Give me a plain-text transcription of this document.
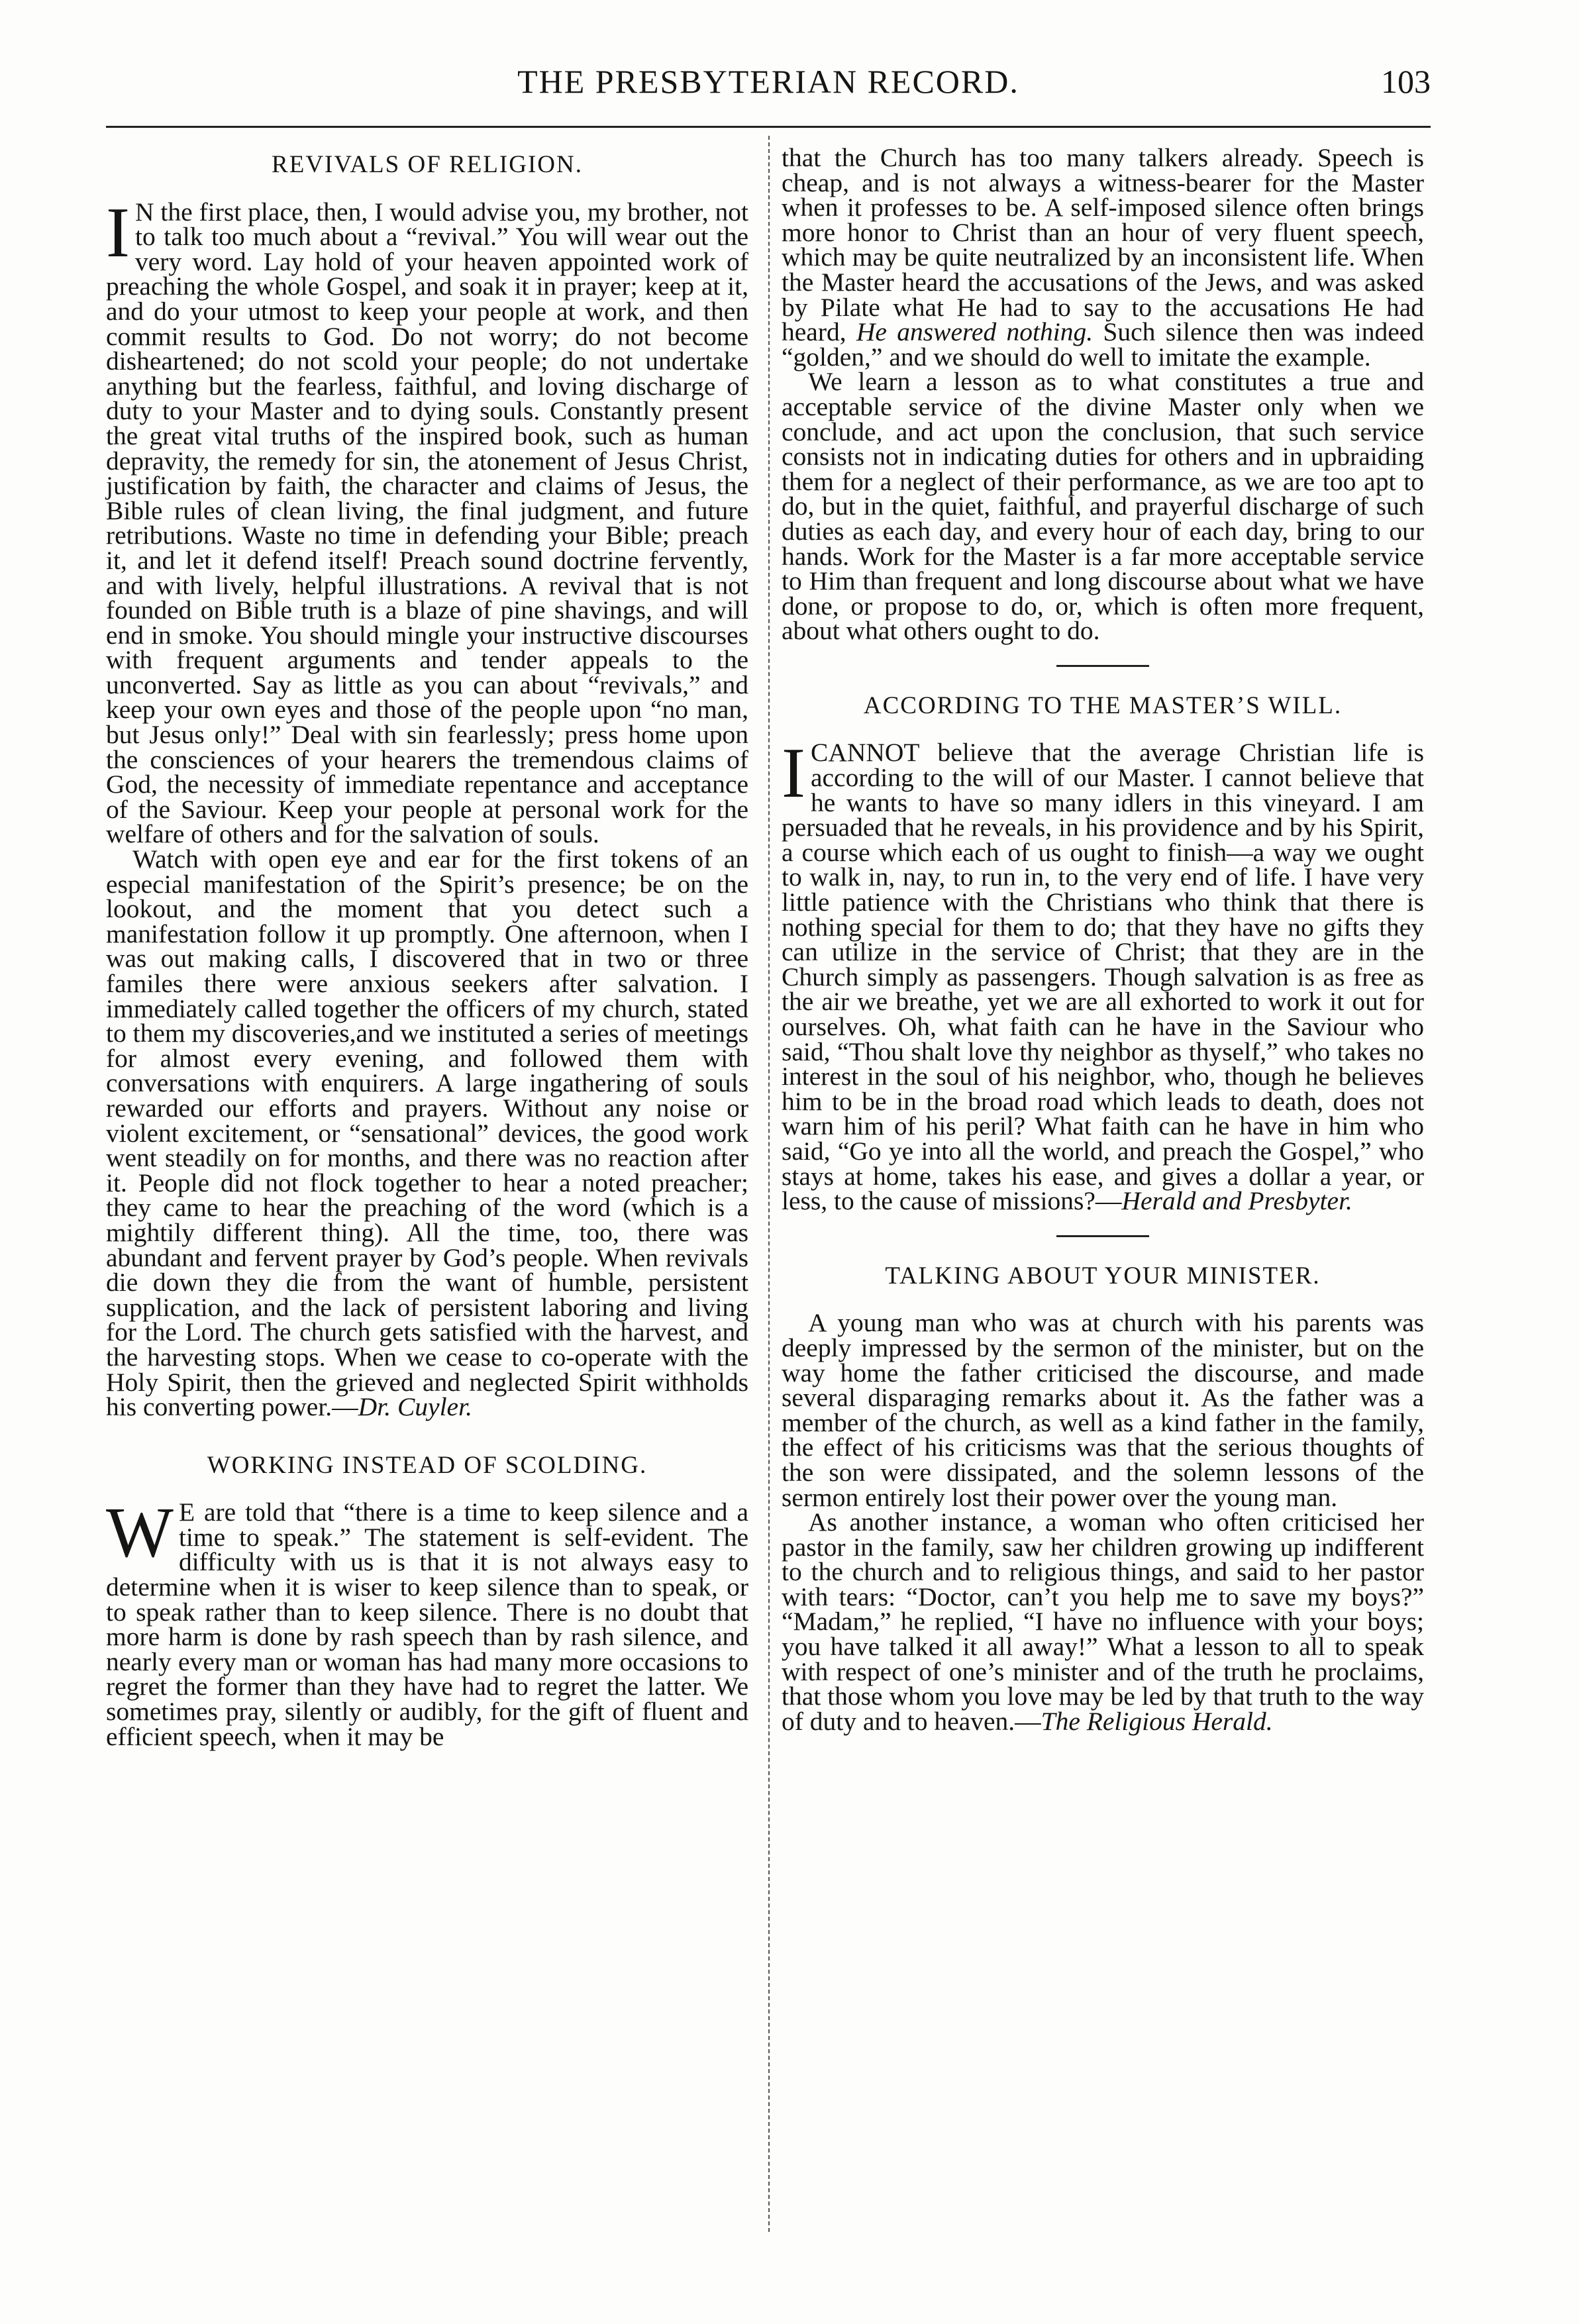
THE PRESBYTERIAN RECORD.	103
REVIVALS OF RELIGION.

I N the first place, then, I would advise you, my brother, not to talk too much about a “revival.” You will wear out the very word. Lay hold of your heaven appointed work of preaching the whole Gospel, and soak it in prayer; keep at it, and do your utmost to keep your people at work, and then commit results to God. Do not worry; do not become disheartened; do not scold your people; do not undertake anything but the fearless, faithful, and loving discharge of duty to your Master and to dying souls. Constantly present the great vital truths of the inspired book, such as human depravity, the remedy for sin, the atonement of Jesus Christ, justification by faith, the character and claims of Jesus, the Bible rules of clean living, the final judgment, and future retributions. Waste no time in defending your Bible; preach it, and let it defend itself! Preach sound doctrine fervently, and with lively, helpful illustrations. A revival that is not founded on Bible truth is a blaze of pine shavings, and will end in smoke. You should mingle your instructive discourses with frequent arguments and tender appeals to the unconverted. Say as little as you can about “revivals,” and keep your own eyes and those of the people upon “no man, but Jesus only!” Deal with sin fearlessly; press home upon the consciences of your hearers the tremendous claims of God, the necessity of immediate repentance and acceptance of the Saviour. Keep your people at personal work for the welfare of others and for the salvation of souls.

Watch with open eye and ear for the first tokens of an especial manifestation of the Spirit’s presence; be on the lookout, and the moment that you detect such a manifestation follow it up promptly. One afternoon, when I was out making calls, I discovered that in two or three familes there were anxious seekers after salvation. I immediately called together the officers of my church, stated to them my discoveries,and we instituted a series of meetings for almost every evening, and followed them with conversations with enquirers. A large ingathering of souls rewarded our efforts and prayers. Without any noise or violent excitement, or “sensational” devices, the good work went steadily on for months, and there was no reaction after it. People did not flock together to hear a noted preacher; they came to hear the preaching of the word (which is a mightily different thing). All the time, too, there was abundant and fervent prayer by God’s people. When revivals die down they die from the want of humble, persistent supplication, and the lack of persistent laboring and living for the Lord. The church gets satisfied with the harvest, and the harvesting stops. When we cease to co-operate with the Holy Spirit, then the grieved and neglected Spirit withholds his converting power.—Dr. Cuyler.

WORKING INSTEAD OF SCOLDING.

W E are told that “there is a time to keep silence and a time to speak.” The statement is self-evident. The difficulty with us is that it is not always easy to determine when it is wiser to keep silence than to speak, or to speak rather than to keep silence. There is no doubt that more harm is done by rash speech than by rash silence, and nearly every man or woman has had many more occasions to regret the former than they have had to regret the latter. We sometimes pray, silently or audibly, for the gift of fluent and efficient speech, when it may be

that the Church has too many talkers already. Speech is cheap, and is not always a witness-bearer for the Master when it professes to be. A self-imposed silence often brings more honor to Christ than an hour of very fluent speech, which may be quite neutralized by an inconsistent life. When the Master heard the accusations of the Jews, and was asked by Pilate what He had to say to the accusations He had heard, He answered nothing. Such silence then was indeed “golden,” and we should do well to imitate the example.

We learn a lesson as to what constitutes a true and acceptable service of the divine Master only when we conclude, and act upon the conclusion, that such service consists not in indicating duties for others and in upbraiding them for a neglect of their performance, as we are too apt to do, but in the quiet, faithful, and prayerful discharge of such duties as each day, and every hour of each day, bring to our hands. Work for the Master is a far more acceptable service to Him than frequent and long discourse about what we have done, or propose to do, or, which is often more frequent, about what others ought to do.

ACCORDING TO THE MASTER’S WILL.

ICANNOT believe that the average Christian life is according to the will of our Master. I cannot believe that he wants to have so many idlers in this vineyard. I am persuaded that he reveals, in his providence and by his Spirit, a course which each of us ought to finish—a way we ought to walk in, nay, to run in, to the very end of life. I have very little patience with the Christians who think that there is nothing special for them to do; that they have no gifts they can utilize in the service of Christ; that they are in the Church simply as passengers. Though salvation is as free as the air we breathe, yet we are all exhorted to work it out for ourselves. Oh, what faith can he have in the Saviour who said, “Thou shalt love thy neighbor as thyself,” who takes no interest in the soul of his neighbor, who, though he believes him to be in the broad road which leads to death, does not warn him of his peril? What faith can he have in him who said, “Go ye into all the world, and preach the Gospel,” who stays at home, takes his ease, and gives a dollar a year, or less, to the cause of missions?—Herald and Presbyter.

TALKING ABOUT YOUR MINISTER.

A young man who was at church with his parents was deeply impressed by the sermon of the minister, but on the way home the father criticised the discourse, and made several disparaging remarks about it. As the father was a member of the church, as well as a kind father in the family, the effect of his criticisms was that the serious thoughts of the son were dissipated, and the solemn lessons of the sermon entirely lost their power over the young man.

As another instance, a woman who often criticised her pastor in the family, saw her children growing up indifferent to the church and to religious things, and said to her pastor with tears: “Doctor, can’t you help me to save my boys?” “Madam,” he replied, “I have no influence with your boys; you have talked it all away!” What a lesson to all to speak with respect of one’s minister and of the truth he proclaims, that those whom you love may be led by that truth to the way of duty and to heaven.—The Religious Herald.
